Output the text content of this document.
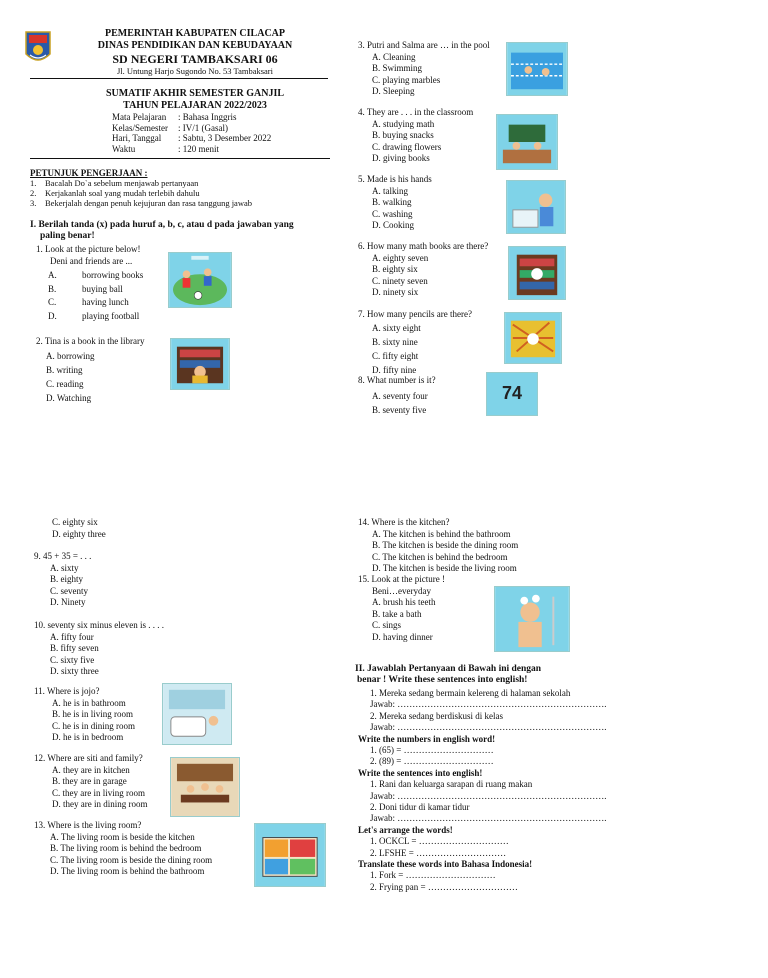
PEMERINTAH KABUPATEN CILACAP
DINAS PENDIDIKAN DAN KEBUDAYAAN
SD NEGERI TAMBAKSARI 06
Jl. Untung Harjo Sugondo No. 53 Tambaksari
SUMATIF AKHIR SEMESTER GANJIL
TAHUN PELAJARAN 2022/2023
Mata Pelajaran	: Bahasa Inggris
Kelas/Semester	: IV/1 (Gasal)
Hari, Tanggal	: Sabtu, 3 Desember 2022
Waktu	: 120 menit
PETUNJUK PENGERJAAN :
1. Bacalah Do`a sebelum menjawab pertanyaan
2. Kerjakanlah soal yang mudah terlebih dahulu
3. Bekerjalah dengan penuh kejujuran dan rasa tanggung jawab
I. Berilah tanda (x) pada huruf a, b, c, atau d pada jawaban yang
paling benar!
1. Look at the picture below!
Deni and friends are ...
A.	borrowing books
B.	buying ball
C.	having lunch
D.	playing football
2. Tina is a book in the library
A. borrowing
B. writing
C. reading
D. Watching
3. Putri and Salma are … in the pool
A. Cleaning
B. Swimming
C. playing marbles
D. Sleeping
4. They are . . . in the classroom
A. studying math
B. buying snacks
C. drawing flowers
D. giving books
5. Made is his hands
A. talking
B. walking
C. washing
D. Cooking
6. How many math books are there?
A. eighty seven
B. eighty six
C. ninety seven
D. ninety six
7. How many pencils are there?
A. sixty eight
B. sixty nine
C. fifty eight
D. fifty nine
8. What number is it?
A. seventy four
B. seventy five
74
C. eighty six
D. eighty three
9. 45 + 35 = . . .
A. sixty
B. eighty
C. seventy
D. Ninety
10. seventy six minus eleven is . . . .
A. fifty four
B. fifty seven
C. sixty five
D. sixty three
11. Where is jojo?
A. he is in bathroom
B. he is in living room
C. he is in dining room
D. he is in bedroom
12. Where are siti and family?
A. they are in kitchen
B. they are in garage
C. they are in living room
D. they are in dining room
13. Where is the living room?
A. The living room is beside the kitchen
B. The living room is behind the bedroom
C. The living room is beside the dining room
D. The living room is behind the bathroom
14. Where is the kitchen?
A. The kitchen is behind the bathroom
B. The kitchen is beside the dining room
C. The kitchen is behind the bedroom
D. The kitchen is beside the living room
15. Look at the picture !
Beni…everyday
A. brush his teeth
B. take a bath
C. sings
D. having dinner
II. Jawablah Pertanyaan di Bawah ini dengan
benar ! Write these sentences into english!
1. Mereka sedang bermain kelereng di halaman sekolah
Jawab: …………………………………………………………….
2. Mereka sedang berdiskusi di kelas
Jawab: …………………………………………………………….
Write the numbers in english word!
1. (65) = …………………………
2. (89) = …………………………
Write the sentences into english!
1. Rani dan keluarga sarapan di ruang makan
Jawab: …………………………………………………………….
2. Doni tidur di kamar tidur
Jawab: …………………………………………………………….
Let's arrange the words!
1. OCKCL = …………………………
2. LFSHE = …………………………
Translate these words into Bahasa Indonesia!
1. Fork = …………………………
2. Frying pan = …………………………
